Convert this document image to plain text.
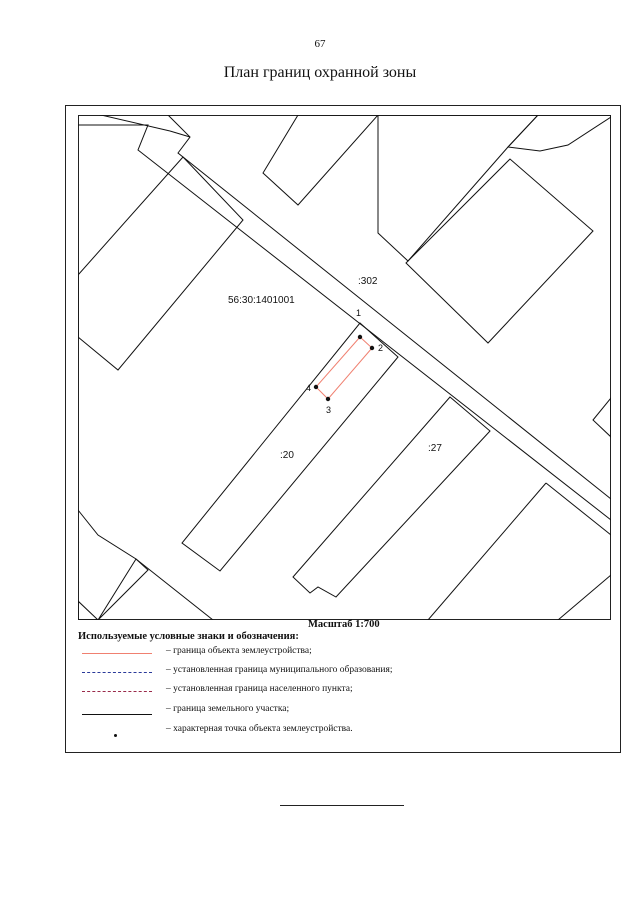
67
План границ охранной зоны
56:30:1401001
:302
:20
:27
1
2
3
4
Масштаб 1:700
Используемые условные знаки и обозначения:
– граница объекта землеустройства;
– установленная граница муниципального образования;
– установленная граница населенного пункта;
– граница земельного участка;
– характерная точка объекта землеустройства.
